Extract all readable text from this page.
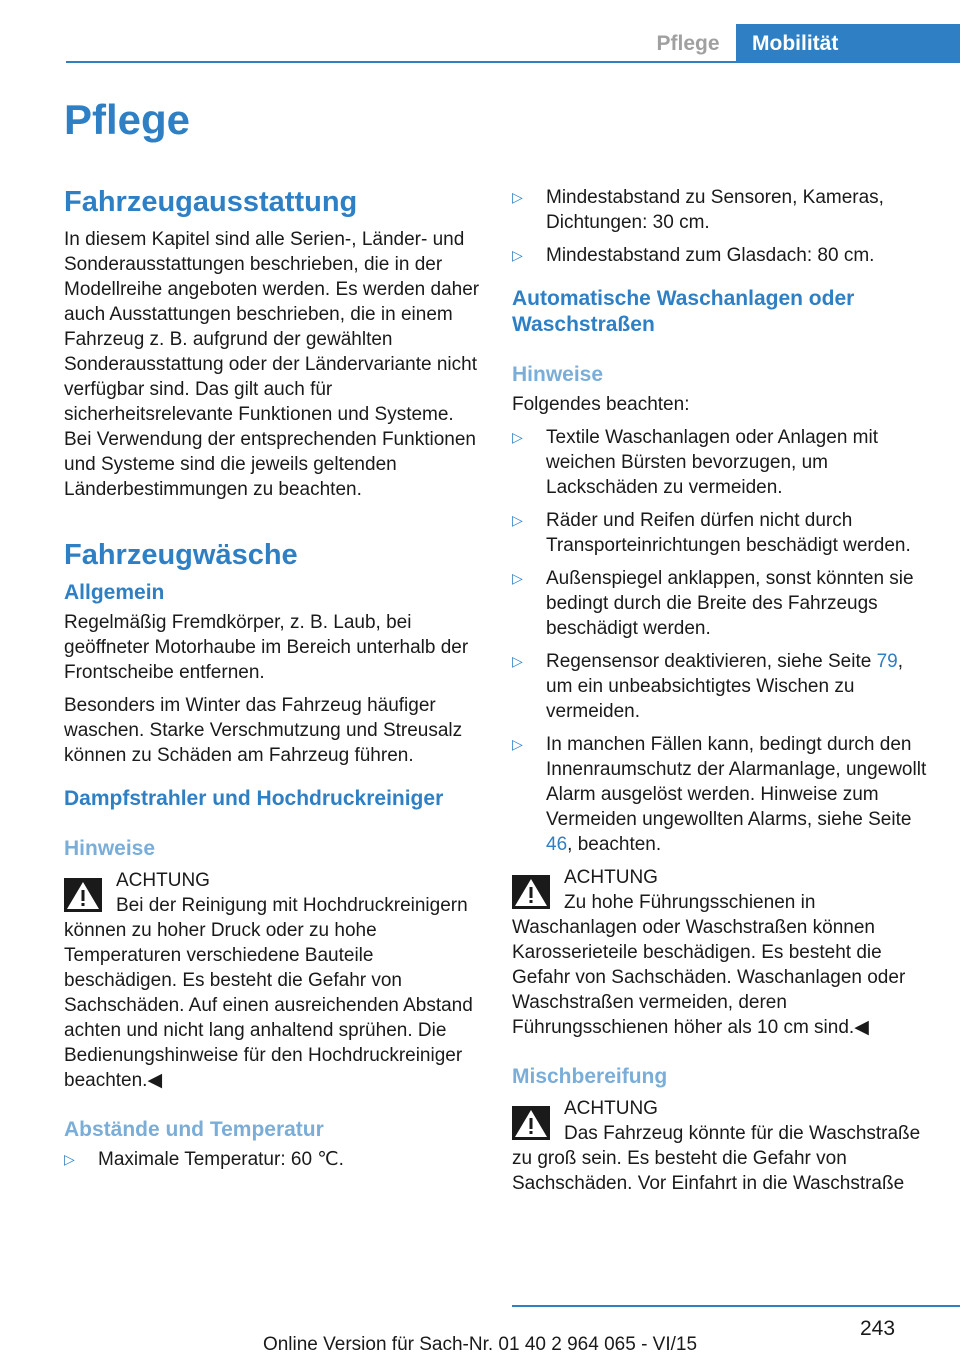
Pflege	Mobilität
Pflege
Fahrzeugausstattung

In diesem Kapitel sind alle Serien-, Länder- und Sonderausstattungen beschrieben, die in der Modellreihe angeboten werden. Es werden daher auch Ausstattungen beschrieben, die in einem Fahrzeug z. B. aufgrund der gewählten Sonderausstattung oder der Ländervariante nicht verfügbar sind. Das gilt auch für sicherheitsrelevante Funktionen und Systeme. Bei Verwendung der entsprechenden Funktionen und Systeme sind die jeweils geltenden Länderbestimmungen zu beachten.

Fahrzeugwäsche
Allgemein

Regelmäßig Fremdkörper, z. B. Laub, bei geöffneter Motorhaube im Bereich unterhalb der Frontscheibe entfernen.

Besonders im Winter das Fahrzeug häufiger waschen. Starke Verschmutzung und Streusalz können zu Schäden am Fahrzeug führen.

Dampfstrahler und Hochdruckreiniger
Hinweise
ACHTUNG
Bei der Reinigung mit Hochdruckreinigern können zu hoher Druck oder zu hohe Temperaturen verschiedene Bauteile beschädigen. Es besteht die Gefahr von Sachschäden. Auf einen ausreichenden Abstand achten und nicht lang anhaltend sprühen. Die Bedienungshinweise für den Hochdruckreiniger beachten.◀
Abstände und Temperatur
▷ Maximale Temperatur: 60 ℃.
▷ Mindestabstand zu Sensoren, Kameras, Dichtungen: 30 cm.
▷ Mindestabstand zum Glasdach: 80 cm.
Automatische Waschanlagen oder Waschstraßen
Hinweise

Folgendes beachten:

▷ Textile Waschanlagen oder Anlagen mit weichen Bürsten bevorzugen, um Lackschäden zu vermeiden.
▷ Räder und Reifen dürfen nicht durch Transporteinrichtungen beschädigt werden.
▷ Außenspiegel anklappen, sonst könnten sie bedingt durch die Breite des Fahrzeugs beschädigt werden.
▷ Regensensor deaktivieren, siehe Seite 79, um ein unbeabsichtigtes Wischen zu vermeiden.
▷ In manchen Fällen kann, bedingt durch den Innenraumschutz der Alarmanlage, ungewollt Alarm ausgelöst werden. Hinweise zum Vermeiden ungewollten Alarms, siehe Seite 46, beachten.
ACHTUNG
Zu hohe Führungsschienen in Waschanlagen oder Waschstraßen können Karosserieteile beschädigen. Es besteht die Gefahr von Sachschäden. Waschanlagen oder Waschstraßen vermeiden, deren Führungsschienen höher als 10 cm sind.◀
Mischbereifung
ACHTUNG
Das Fahrzeug könnte für die Waschstraße zu groß sein. Es besteht die Gefahr von Sachschäden. Vor Einfahrt in die Waschstraße
243
Online Version für Sach-Nr. 01 40 2 964 065 - VI/15
